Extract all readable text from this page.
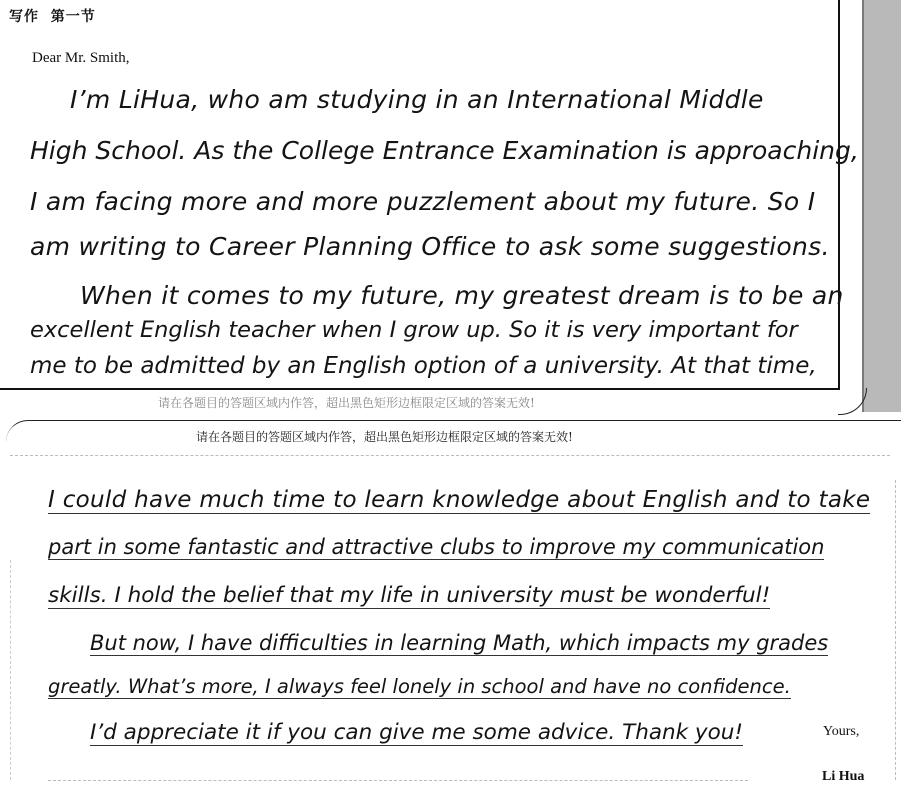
写作  第一节
Dear Mr. Smith,
I’m LiHua, who am studying in an International Middle
High School. As the College Entrance Examination is approaching,
I am facing more and more puzzlement about my future. So I
am writing to Career Planning Office to ask some suggestions.
When it comes to my future, my greatest dream is to be an
excellent English teacher when I grow up. So it is very important for
me to be admitted by an English option of a university. At that time,
请在各题目的答题区域内作答，超出黑色矩形边框限定区域的答案无效!
请在各题目的答题区域内作答，超出黑色矩形边框限定区域的答案无效!
I could have much time to learn knowledge about English and to take
part in some fantastic and attractive clubs to improve my communication
skills. I hold the belief that my life in university must be wonderful!
But now, I have difficulties in learning Math, which impacts my grades
greatly. What’s more, I always feel lonely in school and have no confidence.
I’d appreciate it if you can give me some advice. Thank you!	Yours,
Li Hua
